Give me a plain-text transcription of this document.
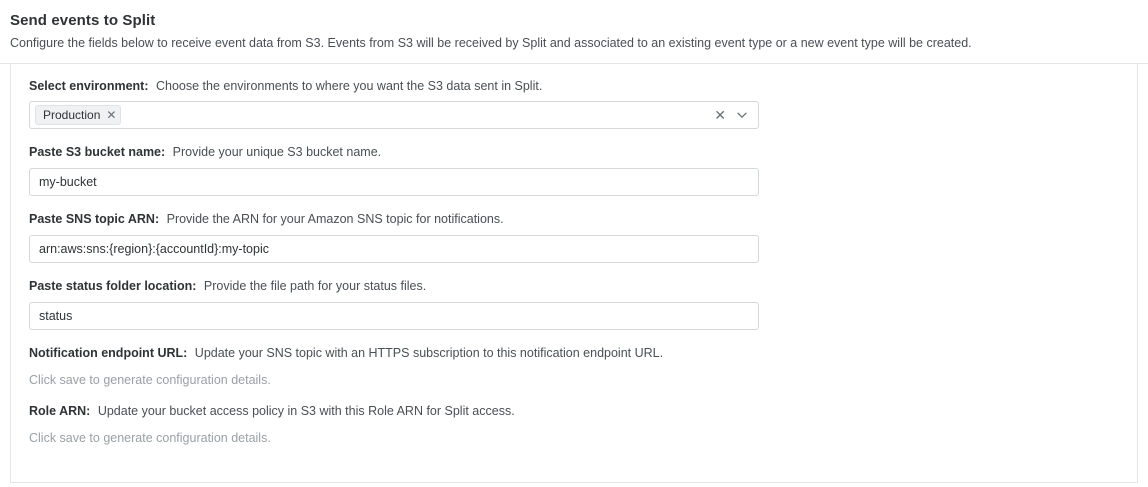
Send events to Split

Configure the fields below to receive event data from S3. Events from S3 will be received by Split and associated to an existing event type or a new event type will be created.

Select environment: Choose the environments to where you want the S3 data sent in Split.

Production ✕	✕

Paste S3 bucket name: Provide your unique S3 bucket name.

my-bucket

Paste SNS topic ARN: Provide the ARN for your Amazon SNS topic for notifications.

arn:aws:sns:{region}:{accountId}:my-topic

Paste status folder location: Provide the file path for your status files.

status

Notification endpoint URL: Update your SNS topic with an HTTPS subscription to this notification endpoint URL.

Click save to generate configuration details.

Role ARN: Update your bucket access policy in S3 with this Role ARN for Split access.

Click save to generate configuration details.
